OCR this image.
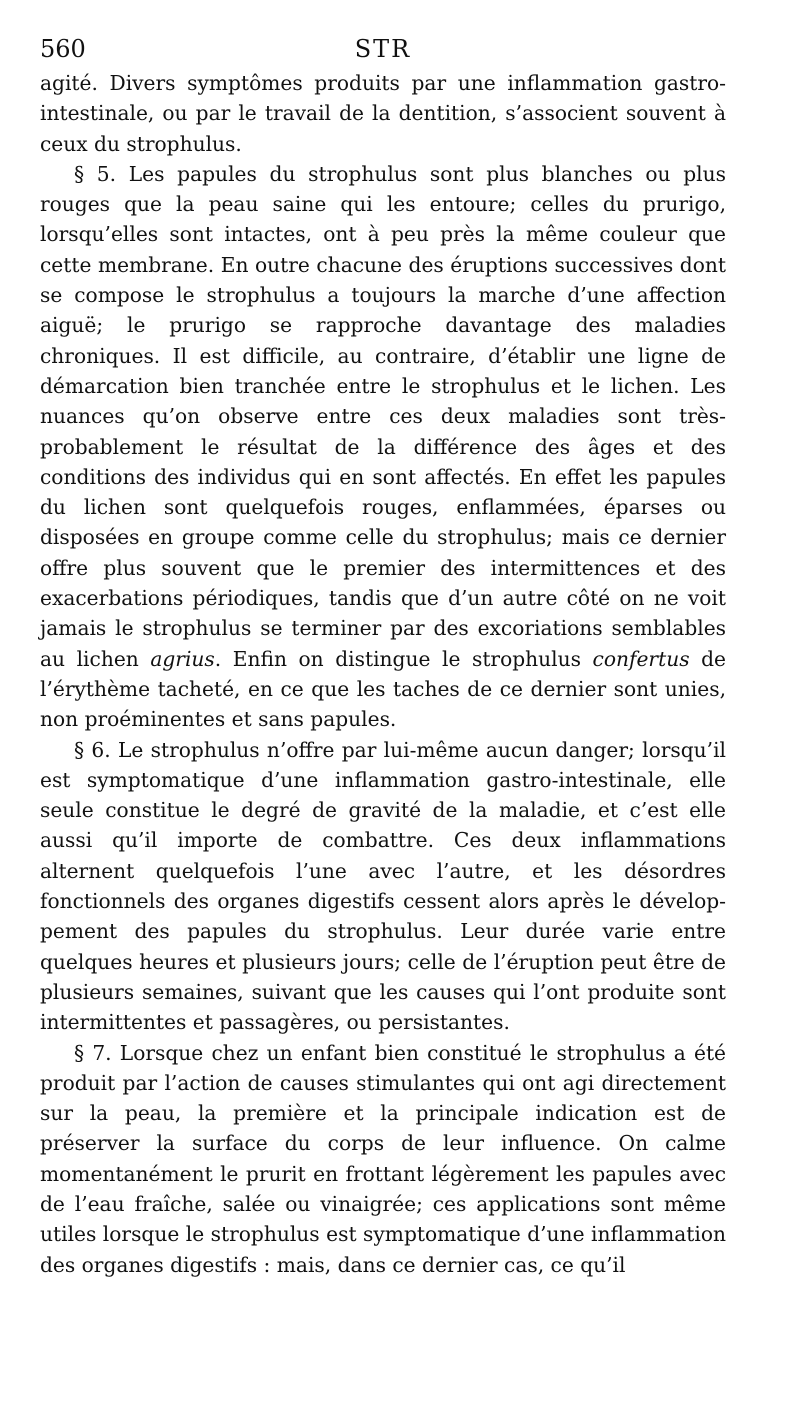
560	STR

agité. Divers symptômes produits par une inflammation gastro-intestinale, ou par le travail de la dentition, s’associent souvent à ceux du strophulus.

§ 5. Les papules du strophulus sont plus blanches ou plus rouges que la peau saine qui les entoure; celles du prurigo, lorsqu’elles sont intactes, ont à peu près la même couleur que cette membrane. En outre chacune des éruptions successives dont se compose le strophulus a toujours la marche d’une affection aiguë; le prurigo se rapproche davantage des maladies chroniques. Il est difficile, au contraire, d’établir une ligne de démarcation bien tranchée entre le strophulus et le lichen. Les nuances qu’on observe entre ces deux maladies sont très-probablement le résultat de la différence des âges et des conditions des individus qui en sont affectés. En effet les papules du lichen sont quelquefois rouges, enflammées, éparses ou disposées en groupe comme celle du strophulus; mais ce dernier offre plus souvent que le premier des intermittences et des exacerbations périodiques, tandis que d’un autre côté on ne voit jamais le strophulus se terminer par des excoriations semblables au lichen agrius. Enfin on distingue le strophulus confertus de l’érythème tacheté, en ce que les taches de ce dernier sont unies, non proéminentes et sans papules.

§ 6. Le strophulus n’offre par lui-même aucun danger; lorsqu’il est symptomatique d’une inflammation gastro-intestinale, elle seule constitue le degré de gravité de la maladie, et c’est elle aussi qu’il importe de combattre. Ces deux inflammations alternent quelquefois l’une avec l’autre, et les désordres fonctionnels des organes digestifs cessent alors après le dévelop-pement des papules du strophulus. Leur durée varie entre quelques heures et plusieurs jours; celle de l’éruption peut être de plusieurs semaines, suivant que les causes qui l’ont produite sont intermittentes et passagères, ou persistantes.

§ 7. Lorsque chez un enfant bien constitué le strophulus a été produit par l’action de causes stimulantes qui ont agi directement sur la peau, la première et la principale indication est de préserver la surface du corps de leur influence. On calme momentanément le prurit en frottant légèrement les papules avec de l’eau fraîche, salée ou vinaigrée; ces applications sont même utiles lorsque le strophulus est symptomatique d’une inflammation des organes digestifs : mais, dans ce dernier cas, ce qu’il
